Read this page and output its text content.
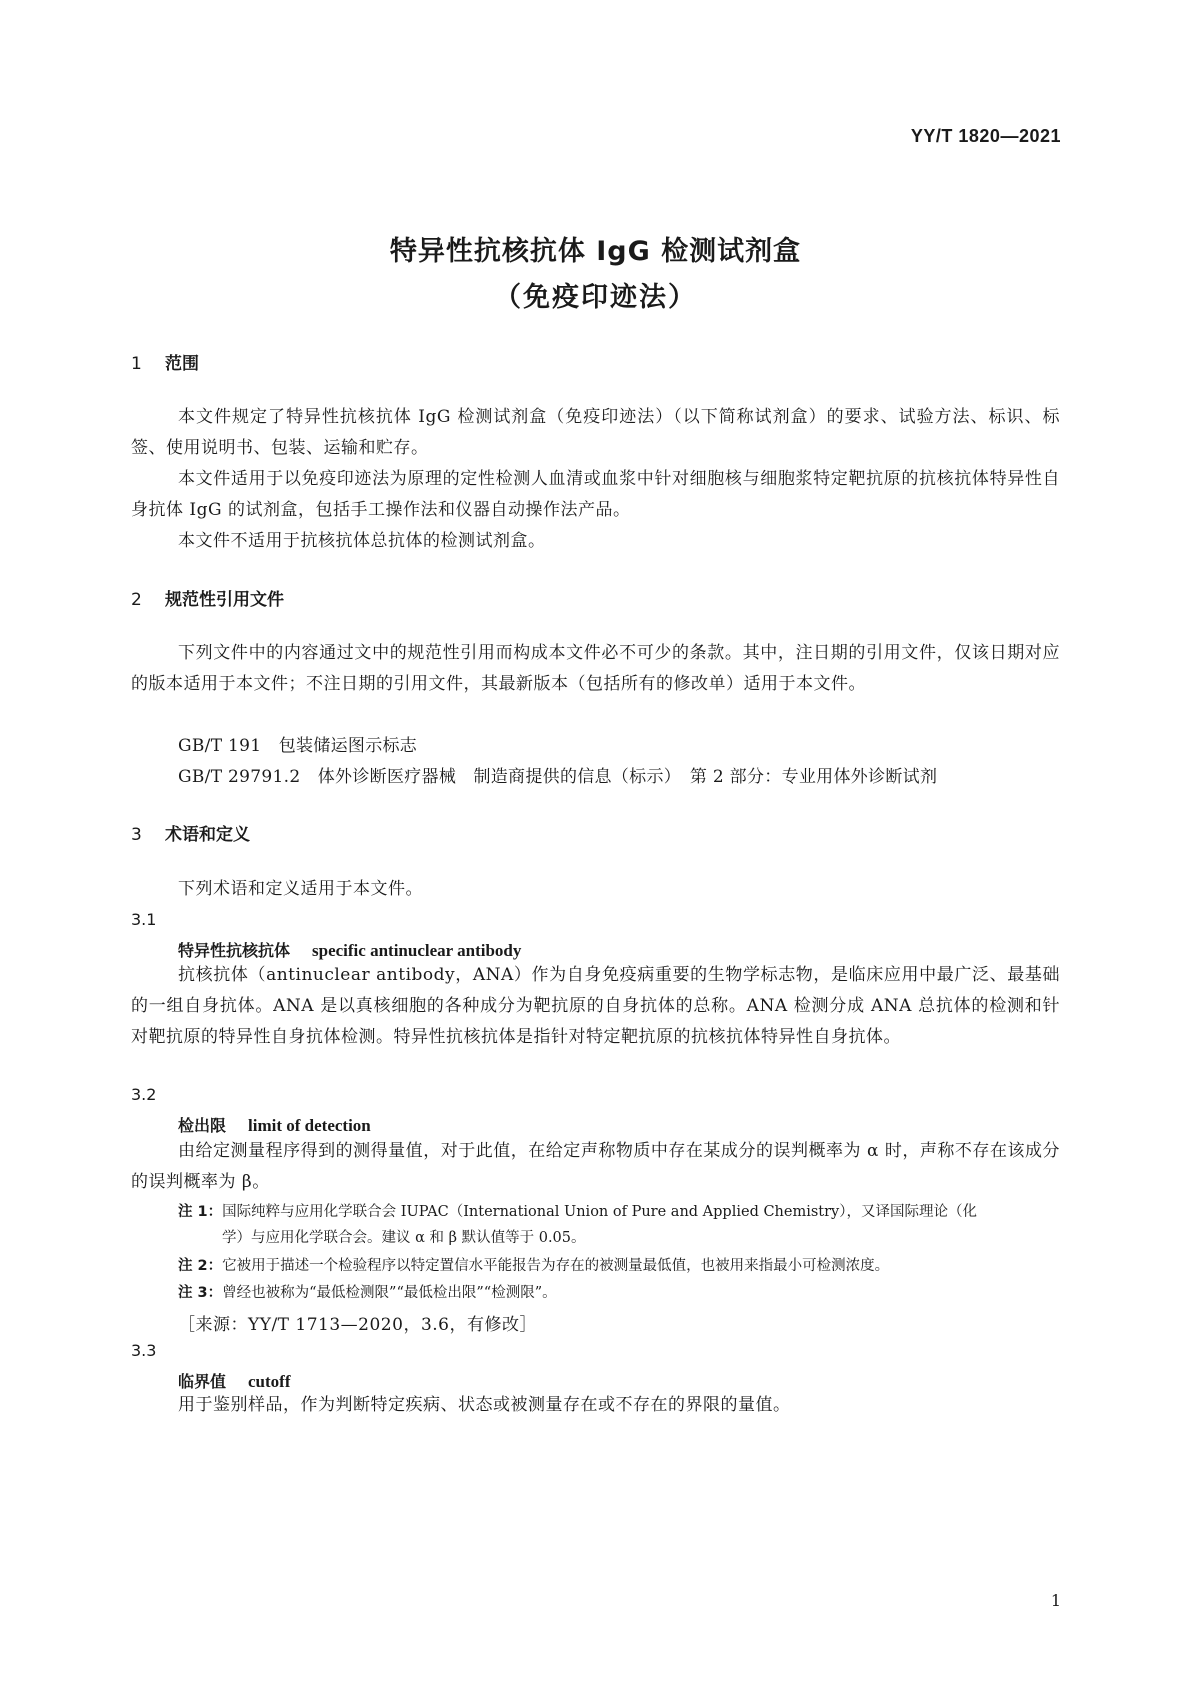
YY/T 1820—2021
特异性抗核抗体 IgG 检测试剂盒
（免疫印迹法）
1 范围
本文件规定了特异性抗核抗体 IgG 检测试剂盒（免疫印迹法）（以下简称试剂盒）的要求、试验方法、标识、标签、使用说明书、包装、运输和贮存。
本文件适用于以免疫印迹法为原理的定性检测人血清或血浆中针对细胞核与细胞浆特定靶抗原的抗核抗体特异性自身抗体 IgG 的试剂盒，包括手工操作法和仪器自动操作法产品。
本文件不适用于抗核抗体总抗体的检测试剂盒。
2 规范性引用文件
下列文件中的内容通过文中的规范性引用而构成本文件必不可少的条款。其中，注日期的引用文件，仅该日期对应的版本适用于本文件；不注日期的引用文件，其最新版本（包括所有的修改单）适用于本文件。
GB/T 191　包装储运图示标志
GB/T 29791.2　体外诊断医疗器械　制造商提供的信息（标示）　第 2 部分：专业用体外诊断试剂
3 术语和定义
下列术语和定义适用于本文件。
3.1
特异性抗核抗体 specific antinuclear antibody
抗核抗体（antinuclear antibody，ANA）作为自身免疫病重要的生物学标志物，是临床应用中最广泛、最基础的一组自身抗体。ANA 是以真核细胞的各种成分为靶抗原的自身抗体的总称。ANA 检测分成 ANA 总抗体的检测和针对靶抗原的特异性自身抗体检测。特异性抗核抗体是指针对特定靶抗原的抗核抗体特异性自身抗体。
3.2
检出限 limit of detection
由给定测量程序得到的测得量值，对于此值，在给定声称物质中存在某成分的误判概率为 α 时，声称不存在该成分的误判概率为 β。
注 1：国际纯粹与应用化学联合会 IUPAC（International Union of Pure and Applied Chemistry），又译国际理论（化
学）与应用化学联合会。建议 α 和 β 默认值等于 0.05。
注 2：它被用于描述一个检验程序以特定置信水平能报告为存在的被测量最低值，也被用来指最小可检测浓度。
注 3：曾经也被称为“最低检测限”“最低检出限”“检测限”。
［来源：YY/T 1713—2020，3.6，有修改］
3.3
临界值 cutoff
用于鉴别样品，作为判断特定疾病、状态或被测量存在或不存在的界限的量值。
1
